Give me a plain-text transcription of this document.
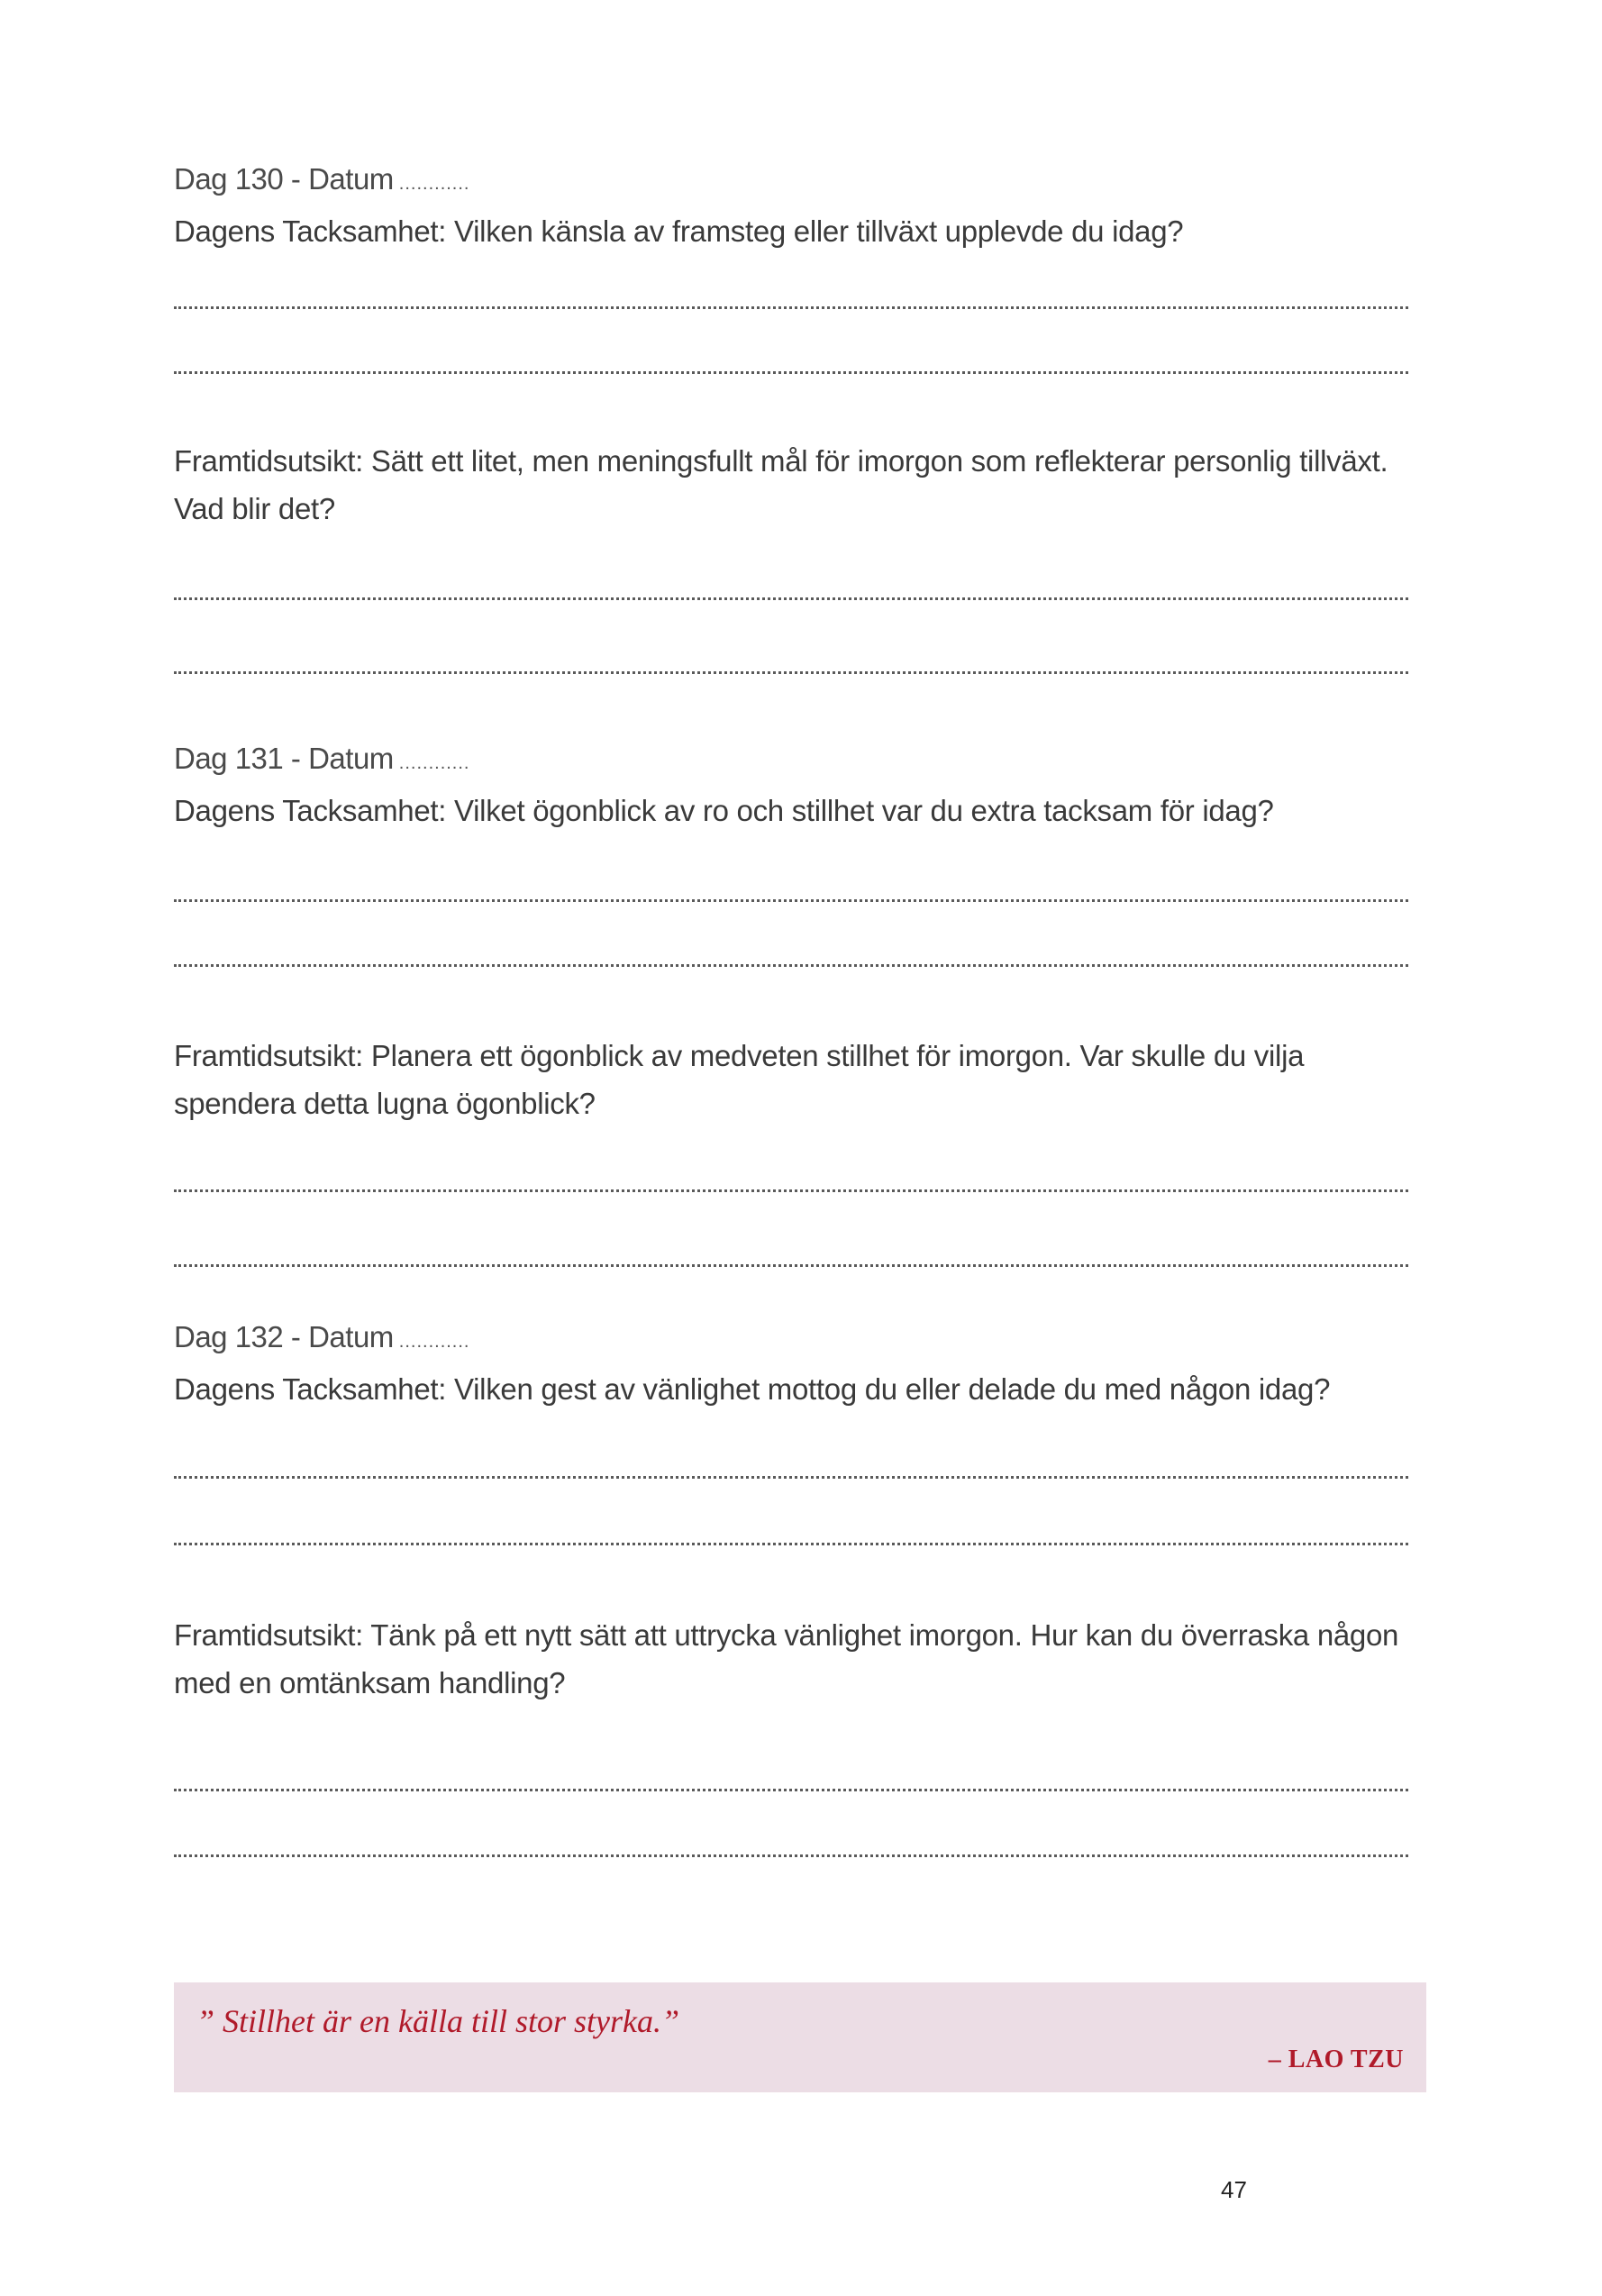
Dag 130 - Datum ............
Dagens Tacksamhet: Vilken känsla av framsteg eller tillväxt upplevde du idag?
Framtidsutsikt: Sätt ett litet, men meningsfullt mål för imorgon som reflekterar personlig tillväxt. Vad blir det?
Dag 131 - Datum ............
Dagens Tacksamhet: Vilket ögonblick av ro och stillhet var du extra tacksam för idag?
Framtidsutsikt: Planera ett ögonblick av medveten stillhet för imorgon. Var skulle du vilja spendera detta lugna ögonblick?
Dag 132 - Datum ............
Dagens Tacksamhet: Vilken gest av vänlighet mottog du eller delade du med någon idag?
Framtidsutsikt: Tänk på ett nytt sätt att uttrycka vänlighet imorgon. Hur kan du överraska någon med en omtänksam handling?
” Stillhet är en källa till stor styrka.”
– LAO TZU
47
